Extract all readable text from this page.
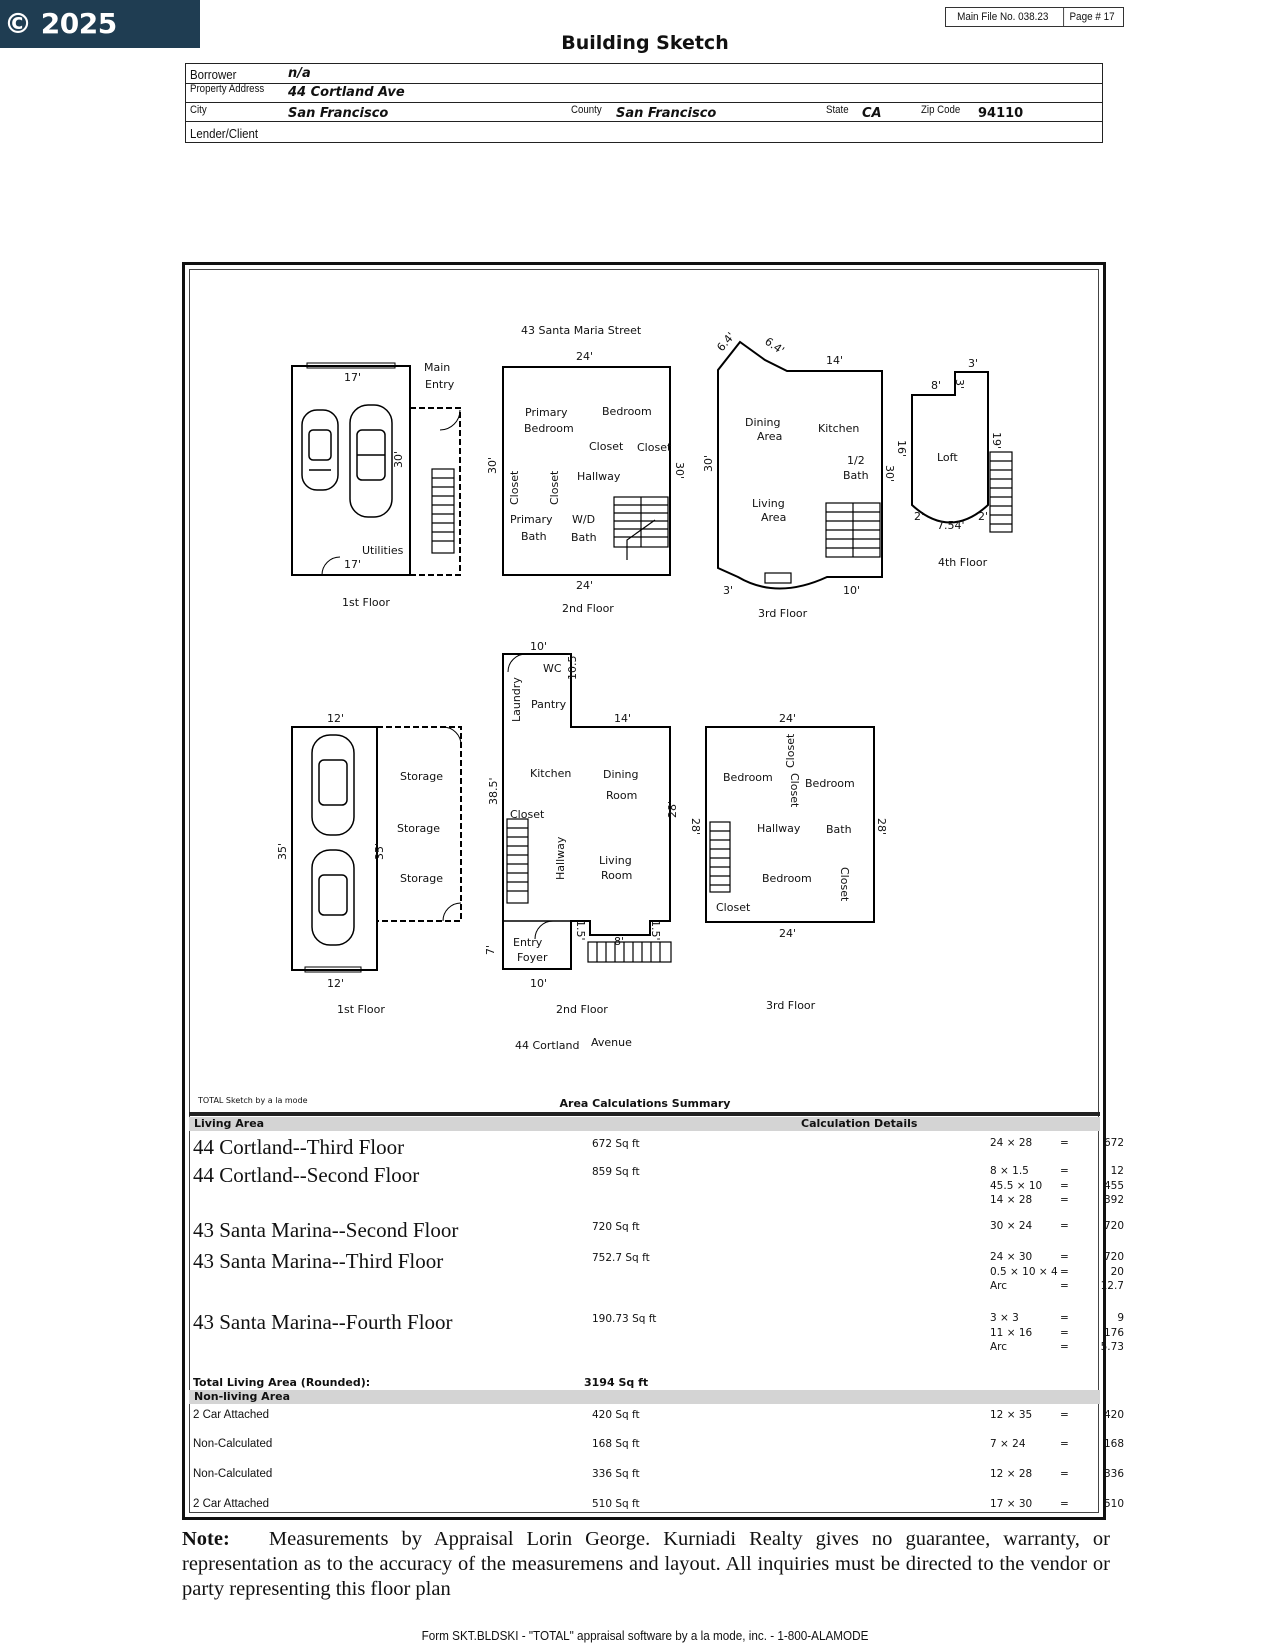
© 2025 CCAR
Main File No. 038.23	Page # 17
Building Sketch
Borrower	n/a
Property Address 44 Cortland Ave
City	San Francisco	County San Francisco	State CA	Zip Code 94110
Lender/Client
43 Santa Maria Street
1st Floor	2nd Floor	3rd Floor
4th Floor
1st Floor	2nd Floor	3rd Floor
44 Cortland Avenue
Main
Entry
Utilities
Primary
Bedroom
Bedroom
Closet Closet
Hallway
Closet Closet
Primary
Bath
W/D
Bath
Dining
Area
Kitchen
1/2
Bath
Living
Area
Loft
Storage
Storage
Storage
WC
Laundry Pantry
Kitchen	Dining
Room
Closet
Hallway	Living
Room
Entry
Foyer
Bedroom
Closet
Closet Bedroom
Hallway Bath
Bedroom Closet
Closet
17'
17'
30'
24'
24'
30'	30'
6.4' 6.4'
14'
30'
30'
16'
3'	10'
8' 3'
3'
19'
2'	2'
7.54'
12'
12'
35'	35'
10'
10.5'
14'
38.5'
28'
28'
7'
1.5'	1.5'
8'
10'
24'
24'
28'
TOTAL Sketch by a la mode	Area Calculations Summary
Living Area	Calculation Details
44 Cortland--Third Floor	672 Sq ft	24 × 28	=	672
44 Cortland--Second Floor	859 Sq ft	8 × 1.5	=	12
45.5 × 10	=	455
14 × 28	=	392
43 Santa Marina--Second Floor	720 Sq ft	30 × 24	=	720
43 Santa Marina--Third Floor	752.7 Sq ft	24 × 30	=	720
0.5 × 10 × 4 =	20
Arc	=	12.7
43 Santa Marina--Fourth Floor	190.73 Sq ft	3 × 3	=	9
11 × 16	=	176
Arc	=	5.73
Total Living Area (Rounded):	3194 Sq ft
Non-living Area
2 Car Attached	420 Sq ft	12 × 35	=	420
Non-Calculated	168 Sq ft	7 × 24	=	168
Non-Calculated	336 Sq ft	12 × 28	=	336
2 Car Attached	510 Sq ft	17 × 30	=	510
Note: Measurements by Appraisal Lorin George. Kurniadi Realty gives no guarantee, warranty, or representation as to the accuracy of the measuremens and layout. All inquiries must be directed to the vendor or party representing this floor plan
Form SKT.BLDSKI - "TOTAL" appraisal software by a la mode, inc. - 1-800-ALAMODE
